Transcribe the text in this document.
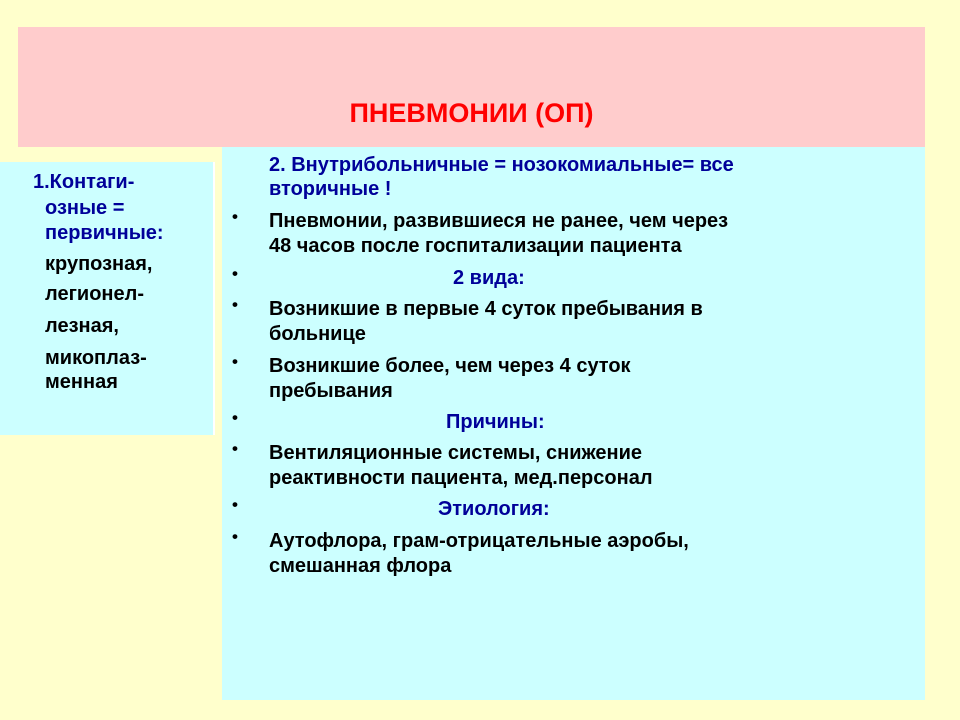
ПНЕВМОНИИ (ОП)

1.Контаги-

озные =

первичные:

крупозная,

легионел-

лезная,

микоплаз-

менная

2. Внутрибольничные = нозокомиальные= все

вторичные !

• Пневмонии, развившиеся не ранее, чем через

48 часов после госпитализации пациента

•	2 вида:

• Возникшие в первые 4 суток пребывания в

больнице

• Возникшие более, чем через 4 суток

пребывания

•	Причины:

• Вентиляционные системы, снижение

реактивности пациента, мед.персонал

•	Этиология:

• Аутофлора, грам-отрицательные аэробы,

смешанная флора
